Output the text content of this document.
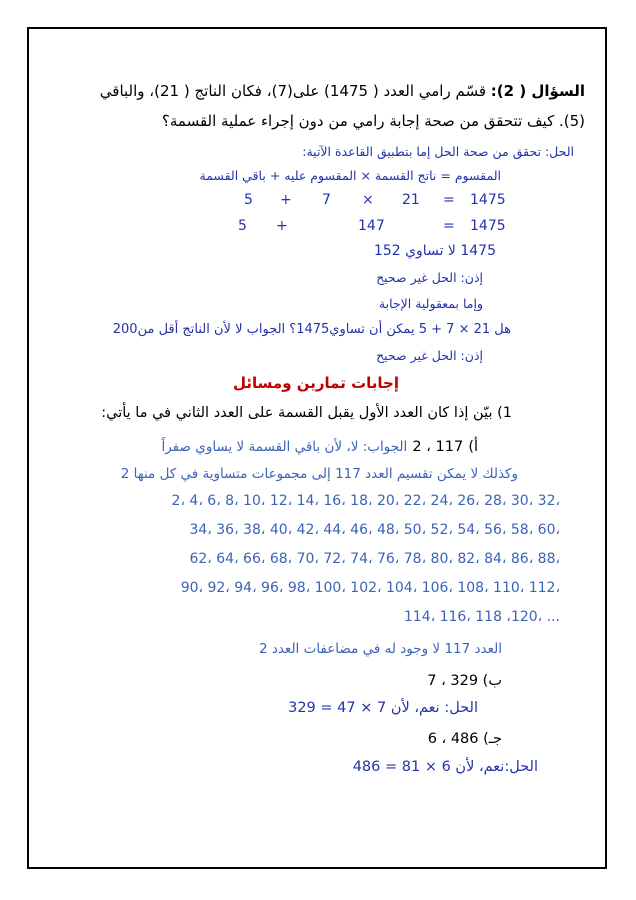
السؤال ( 2): قسّم رامي العدد ( 1475) على(7)، فكان الناتج ( 21)، والباقي
(5). كيف تتحقق من صحة إجابة رامي من دون إجراء عملية القسمة؟
الحل: تحقق من صحة الحل إما بتطبيق القاعدة الآتية:
المقسوم = ناتج القسمة × المقسوم عليه + باقي القسمة
1475
=
21
×
7
+
5
1475
=
147
+
5
1475 لا تساوي 152
إذن: الحل غير صحيح
وإما بمعقولية الإجابة
هل 21 × 7 + 5 يمكن أن تساوي1475؟ الجواب لا لأن الناتج أقل من200
إذن: الحل غير صحيح
إجابات تمارين ومسائل
1) بيّن إذا كان العدد الأول يقبل القسمة على العدد الثاني في ما يأتي:
أ) 117 ، 2 الجواب: لا، لأن باقي القسمة لا يساوي صفراً
وكذلك لا يمكن تقسيم العدد 117 إلى مجموعات متساوية في كل منها 2
2، 4، 6، 8، 10، 12، 14، 16، 18، 20، 22، 24، 26، 28، 30، 32،
34، 36، 38، 40، 42، 44، 46، 48، 50، 52، 54، 56، 58، 60،
62، 64، 66، 68، 70، 72، 74، 76، 78، 80، 82، 84، 86، 88،
90، 92، 94، 96، 98، 100، 102، 104، 106، 108، 110، 112،
114، 116، 118 ،120، ...
العدد 117 لا وجود له في مضاعفات العدد 2
ب) 329 ، 7
الحل: نعم، لأن 7 × 47 = 329
جـ) 486 ، 6
الحل:نعم، لأن 6 × 81 = 486
